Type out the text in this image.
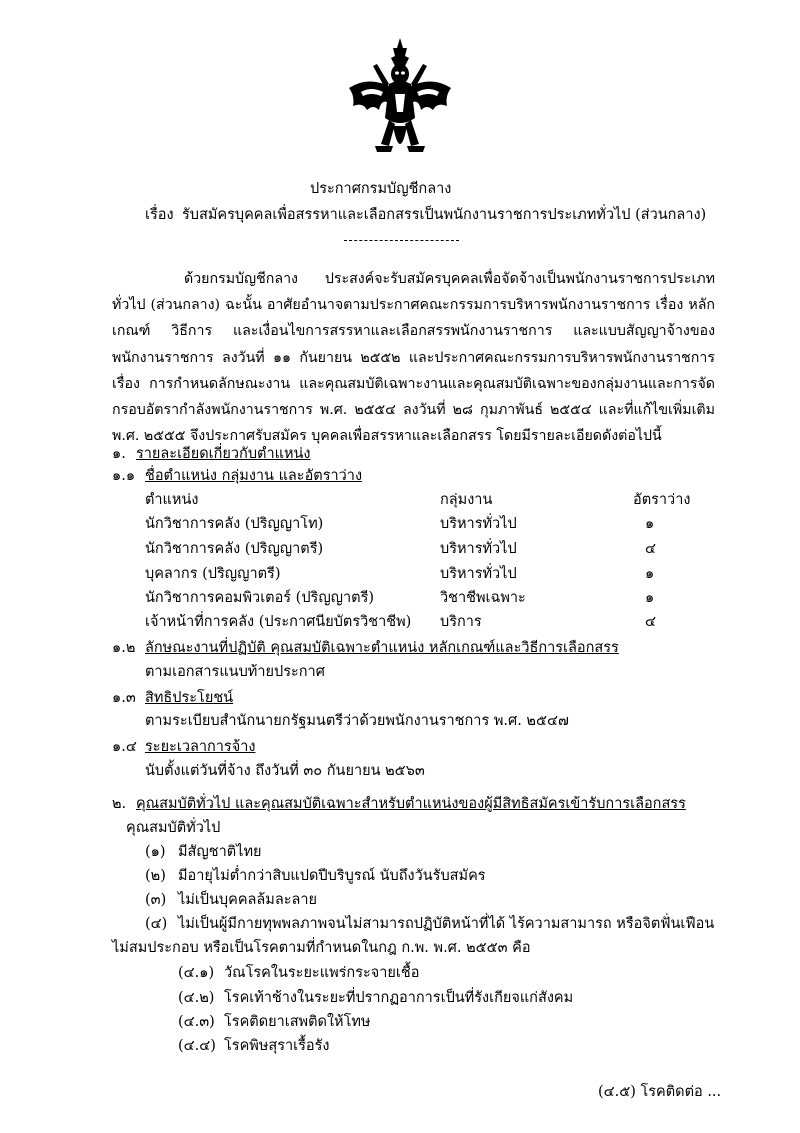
ประกาศกรมบัญชีกลาง
เรื่อง รับสมัครบุคคลเพื่อสรรหาและเลือกสรรเป็นพนักงานราชการประเภททั่วไป (ส่วนกลาง)

ด้วยกรมบัญชีกลาง ประสงค์จะรับสมัครบุคคลเพื่อจัดจ้างเป็นพนักงานราชการประเภททั่วไป (ส่วนกลาง) ฉะนั้น อาศัยอำนาจตามประกาศคณะกรรมการบริหารพนักงานราชการ เรื่อง หลักเกณฑ์ วิธีการ และเงื่อนไขการสรรหาและเลือกสรรพนักงานราชการ และแบบสัญญาจ้างของพนักงานราชการ ลงวันที่ ๑๑ กันยายน ๒๕๕๒ และประกาศคณะกรรมการบริหารพนักงานราชการ เรื่อง การกำหนดลักษณะงาน และคุณสมบัติเฉพาะงานและคุณสมบัติเฉพาะของกลุ่มงานและการจัดกรอบอัตรากำลังพนักงานราชการ พ.ศ. ๒๕๕๔ ลงวันที่ ๒๘ กุมภาพันธ์ ๒๕๕๔ และที่แก้ไขเพิ่มเติม พ.ศ. ๒๕๕๕ จึงประกาศรับสมัคร บุคคลเพื่อสรรหาและเลือกสรร โดยมีรายละเอียดดังต่อไปนี้

๑. รายละเอียดเกี่ยวกับตำแหน่ง
๑.๑ ชื่อตำแหน่ง กลุ่มงาน และอัตราว่าง
ตำแหน่ง	กลุ่มงาน	อัตราว่าง
นักวิชาการคลัง (ปริญญาโท)	บริหารทั่วไป	๑
นักวิชาการคลัง (ปริญญาตรี)	บริหารทั่วไป	๔
บุคลากร (ปริญญาตรี)	บริหารทั่วไป	๑
นักวิชาการคอมพิวเตอร์ (ปริญญาตรี)	วิชาชีพเฉพาะ	๑
เจ้าหน้าที่การคลัง (ประกาศนียบัตรวิชาชีพ) บริการ	๔
๑.๒ ลักษณะงานที่ปฏิบัติ คุณสมบัติเฉพาะตำแหน่ง หลักเกณฑ์และวิธีการเลือกสรร
ตามเอกสารแนบท้ายประกาศ
๑.๓ สิทธิประโยชน์
ตามระเบียบสำนักนายกรัฐมนตรีว่าด้วยพนักงานราชการ พ.ศ. ๒๕๔๗
๑.๔ ระยะเวลาการจ้าง
นับตั้งแต่วันที่จ้าง ถึงวันที่ ๓๐ กันยายน ๒๕๖๓
๒. คุณสมบัติทั่วไป และคุณสมบัติเฉพาะสำหรับตำแหน่งของผู้มีสิทธิสมัครเข้ารับการเลือกสรร
คุณสมบัติทั่วไป
(๑) มีสัญชาติไทย
(๒) มีอายุไม่ต่ำกว่าสิบแปดปีบริบูรณ์ นับถึงวันรับสมัคร
(๓) ไม่เป็นบุคคลล้มละลาย
(๔) ไม่เป็นผู้มีกายทุพพลภาพจนไม่สามารถปฏิบัติหน้าที่ได้ ไร้ความสามารถ หรือจิตฟั่นเฟือน
ไม่สมประกอบ หรือเป็นโรคตามที่กำหนดในกฎ ก.พ. พ.ศ. ๒๕๕๓ คือ
(๔.๑) วัณโรคในระยะแพร่กระจายเชื้อ
(๔.๒) โรคเท้าช้างในระยะที่ปรากฏอาการเป็นที่รังเกียจแก่สังคม
(๔.๓) โรคติดยาเสพติดให้โทษ
(๔.๔) โรคพิษสุราเรื้อรัง
(๔.๕) โรคติดต่อ ...
